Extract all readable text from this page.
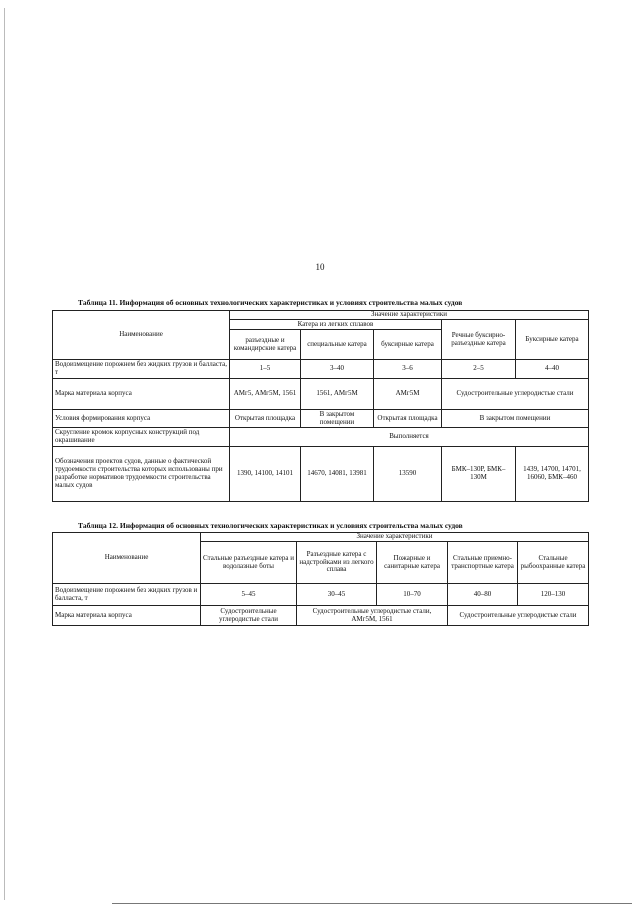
10
Таблица 11. Информация об основных технологических характеристиках и условиях строительства малых судов
Наименование	Значение характеристики				
	Катера из легких сплавов			Речные буксирно-разъездные катера	Буксирные катера
	разъездные и командирские катера	специальные катера	буксирные катера		
Водоизмещение порожнем без жидких грузов и балласта, т	1–5	3–40	3–6	2–5	4–40
Марка материала корпуса	АМг5, АМг5М, 1561	1561, АМг5М	АМг5М	Судостроительные углеродистые стали	
Условия формирования корпуса	Открытая площадка	В закрытом помещении	Открытая площадка	В закрытом помещении	
Скругление кромок корпусных конструкций под окрашивание	Выполняется				
Обозначения проектов судов, данные о фактической трудоемкости строительства которых использованы при разработке нормативов трудоемкости строительства малых судов	1390, 14100, 14101	14670, 14081, 13981	13590	БМК–130Р, БМК–130М	1439, 14700, 14701, 16060, БМК–460
Таблица 12. Информация об основных технологических характеристиках и условиях строительства малых судов
Наименование	Значение характеристики				
	Стальные разъездные катера и водолазные боты	Разъездные катера с надстройками из легкого сплава	Пожарные и санитарные катера	Стальные приемно-транспортные катера	Стальные рыбоохранные катера
Водоизмещение порожнем без жидких грузов и балласта, т	5–45	30–45	10–70	40–80	120–130
Марка материала корпуса	Судостроительные углеродистые стали	Судостроительные углеродистые стали, АМг5М, 1561		Судостроительные углеродистые стали	
